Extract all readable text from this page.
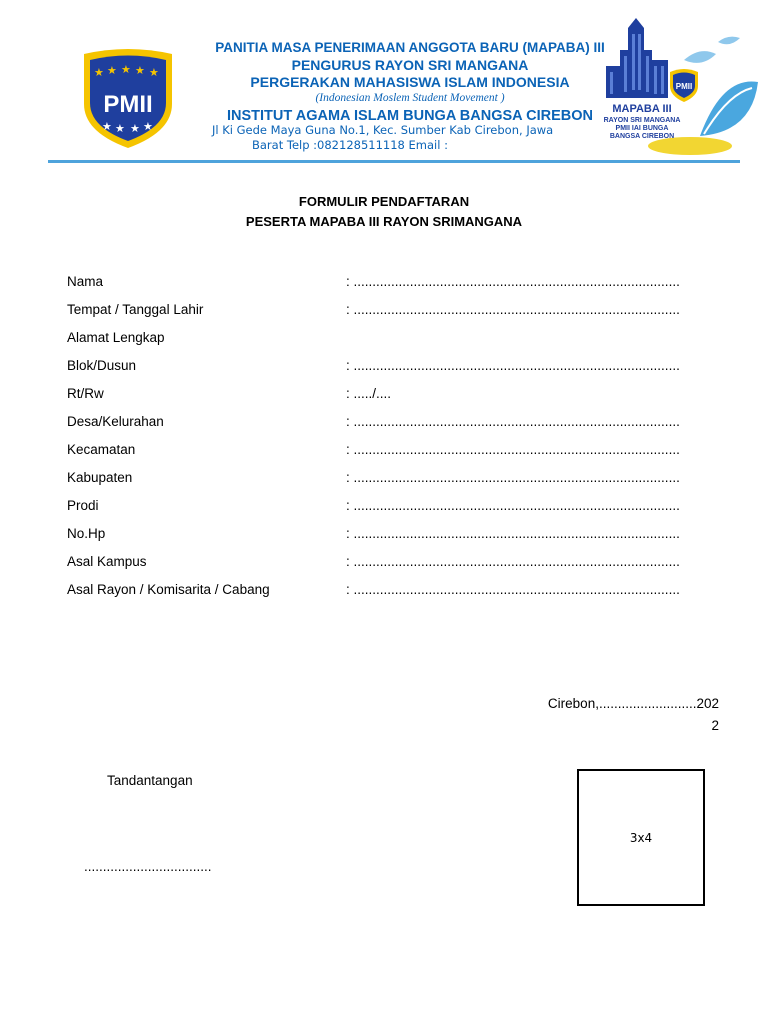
★ ★ ★ ★ ★
PMII
★ ★ ★ ★
PANITIA MASA PENERIMAAN ANGGOTA BARU (MAPABA) III
PENGURUS RAYON SRI MANGANA
PERGERAKAN MAHASISWA ISLAM INDONESIA
(Indonesian Moslem Student Movement )
INSTITUT AGAMA ISLAM BUNGA BANGSA CIREBON
Jl Ki Gede Maya Guna No.1, Kec. Sumber Kab Cirebon, Jawa
Barat Telp :082128511118 Email :
PMII
MAPABA III
RAYON SRI MANGANA
PMII IAI BUNGA
BANGSA CIREBON
FORMULIR PENDAFTARAN
PESERTA MAPABA III RAYON SRIMANGANA
Nama	: .......................................................................................
Tempat / Tanggal Lahir	: .......................................................................................
Alamat Lengkap
Blok/Dusun	: .......................................................................................
Rt/Rw	: ...../....
Desa/Kelurahan	: .......................................................................................
Kecamatan	: .......................................................................................
Kabupaten	: .......................................................................................
Prodi	: .......................................................................................
No.Hp	: .......................................................................................
Asal Kampus	: .......................................................................................
Asal Rayon / Komisarita / Cabang	: .......................................................................................
Cirebon,..........................202
2
Tandantangan
..................................
3x4
